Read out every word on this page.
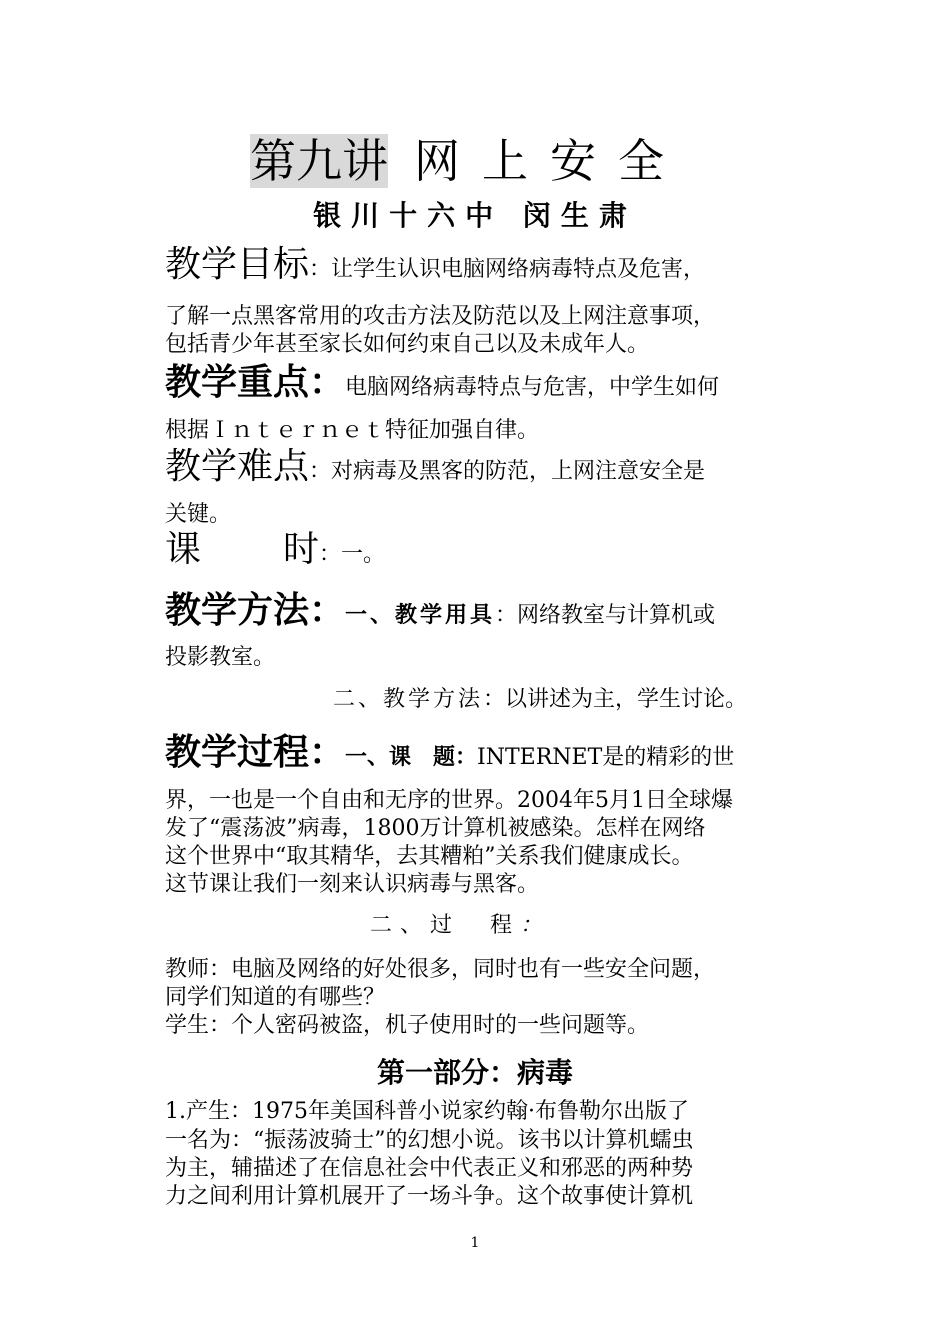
第九讲 网上安全
银川十六中 闵生肃
教学目标：让学生认识电脑网络病毒特点及危害，
了解一点黑客常用的攻击方法及防范以及上网注意事项，
包括青少年甚至家长如何约束自己以及未成年人。
教学重点：电脑网络病毒特点与危害，中学生如何
根据Ｉｎｔｅｒｎｅｔ特征加强自律。
教学难点：对病毒及黑客的防范，上网注意安全是
关键。
课 时：一。
教学方法：一、教学用具：网络教室与计算机或
投影教室。
二、教学方法：以讲述为主，学生讨论。
教学过程：一、课　题：INTERNET是的精彩的世
界，一也是一个自由和无序的世界。2004年5月1日全球爆
发了“震荡波”病毒，1800万计算机被感染。怎样在网络
这个世界中“取其精华，去其糟粕”关系我们健康成长。
这节课让我们一刻来认识病毒与黑客。
二、过　程：
教师：电脑及网络的好处很多，同时也有一些安全问题，
同学们知道的有哪些？
学生：个人密码被盗，机子使用时的一些问题等。
第一部分：病毒
1.产生：1975年美国科普小说家约翰·布鲁勒尔出版了
一名为：“振荡波骑士”的幻想小说。该书以计算机蠕虫
为主，辅描述了在信息社会中代表正义和邪恶的两种势
力之间利用计算机展开了一场斗争。这个故事使计算机
1
